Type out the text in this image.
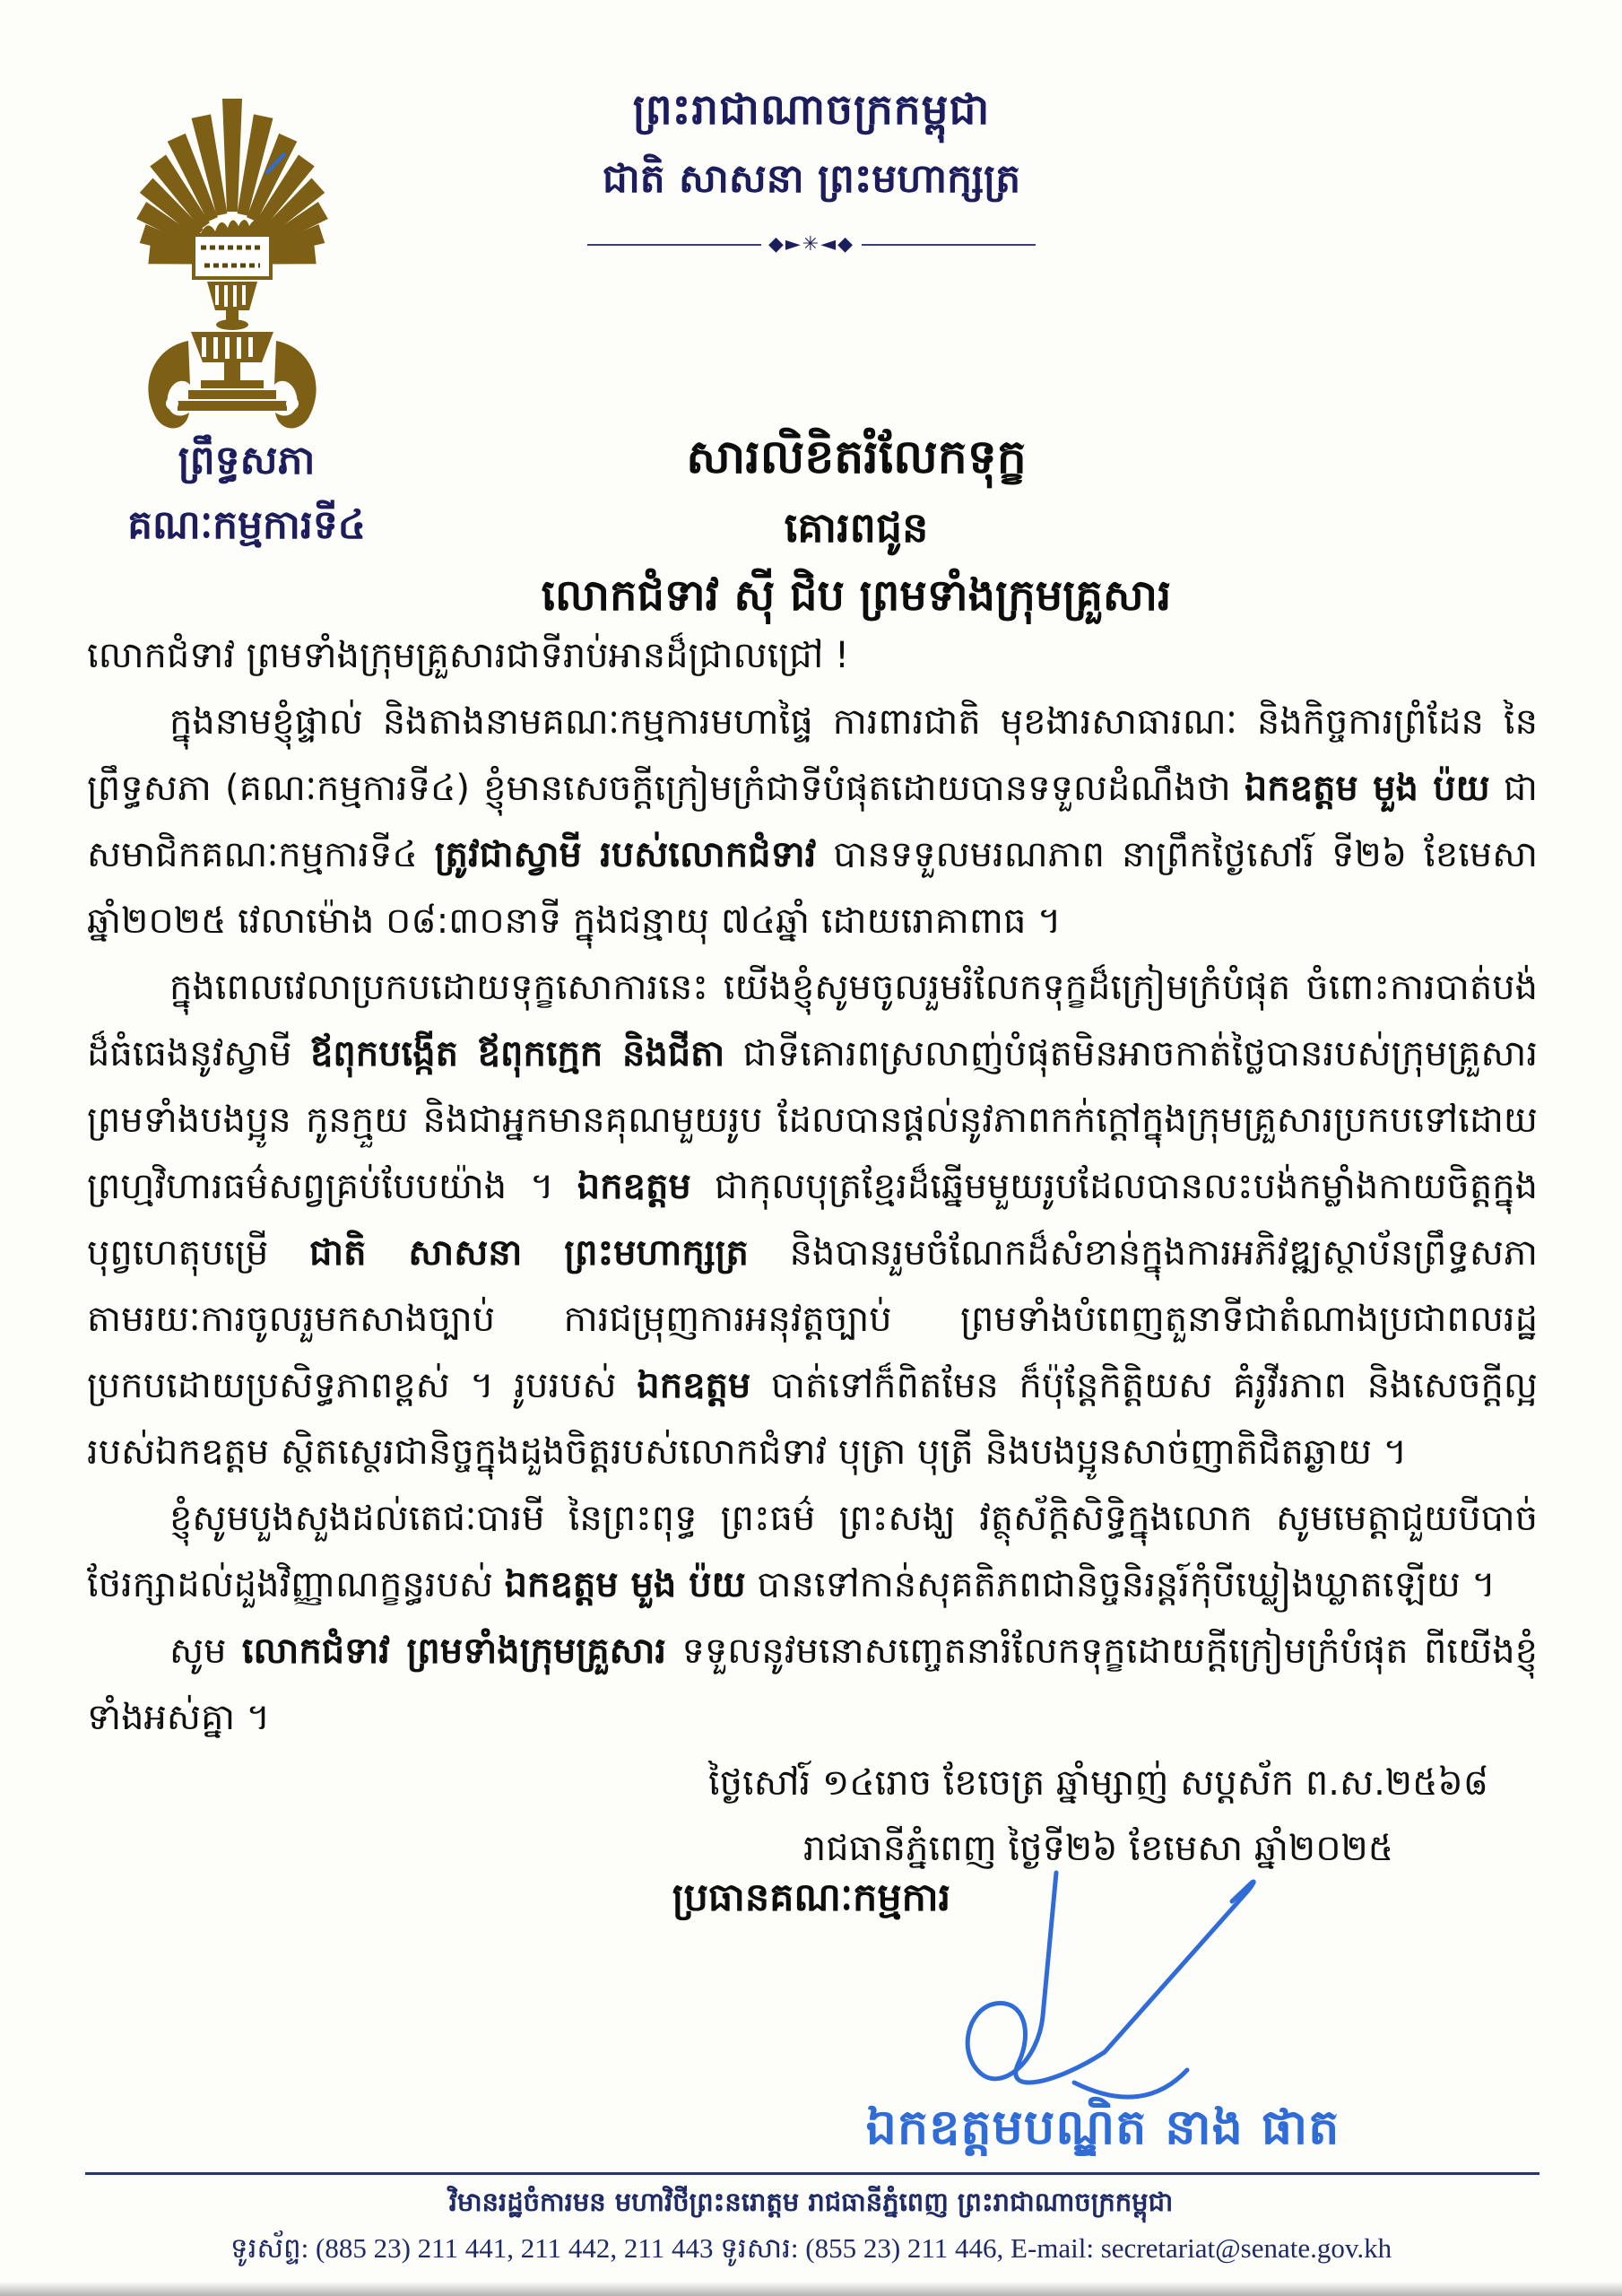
ព្រះរាជាណាចក្រកម្ពុជា
ជាតិ សាសនា ព្រះមហាក្សត្រ
◆►✳◄◆
ព្រឹទ្ធសភា
គណៈកម្មការទី៤
សារលិខិតរំលែកទុក្ខ
គោរពជូន
លោកជំទាវ ស៊ី ជិប ព្រមទាំងក្រុមគ្រួសារ

លោកជំទាវ ព្រមទាំងក្រុមគ្រួសារជាទីរាប់អានដ៏ជ្រាលជ្រៅ !

ក្នុងនាមខ្ញុំផ្ទាល់ និងតាងនាមគណៈកម្មការមហាផ្ទៃ ការពារជាតិ មុខងារសាធារណៈ និងកិច្ចការព្រំដែន នៃព្រឹទ្ធសភា (គណៈកម្មការទី៤) ខ្ញុំមានសេចក្តីក្រៀមក្រំជាទីបំផុតដោយបានទទួលដំណឹងថា ឯកឧត្តម មួង ប៉យ ជាសមាជិកគណៈកម្មការទី៤ ត្រូវជាស្វាមី របស់លោកជំទាវ បានទទួលមរណភាព នាព្រឹកថ្ងៃសៅរ៍ ទី២៦ ខែមេសា ឆ្នាំ២០២៥ វេលាម៉ោង ០៨:៣០នាទី ក្នុងជន្មាយុ ៧៤ឆ្នាំ ដោយរោគាពាធ ។

ក្នុងពេលវេលាប្រកបដោយទុក្ខសោការនេះ យើងខ្ញុំសូមចូលរួមរំលែកទុក្ខដ៏ក្រៀមក្រំបំផុត ចំពោះការបាត់បង់ដ៏ធំធេងនូវស្វាមី ឪពុកបង្កើត ឪពុកក្មេក និងជីតា ជាទីគោរពស្រលាញ់បំផុតមិនអាចកាត់ថ្លៃបានរបស់ក្រុមគ្រួសារ ព្រមទាំងបងប្អូន កូនក្មួយ និងជាអ្នកមានគុណមួយរូប ដែលបានផ្តល់នូវភាពកក់ក្តៅក្នុងក្រុមគ្រួសារប្រកបទៅដោយព្រហ្មវិហារធម៌សព្វគ្រប់បែបយ៉ាង ។ ឯកឧត្តម ជាកុលបុត្រខ្មែរដ៏ឆ្នើមមួយរូបដែលបានលះបង់កម្លាំងកាយចិត្តក្នុងបុព្វហេតុបម្រើ ជាតិ សាសនា ព្រះមហាក្សត្រ និងបានរួមចំណែកដ៏សំខាន់ក្នុងការអភិវឌ្ឍស្ថាប័នព្រឹទ្ធសភា តាមរយៈការចូលរួមកសាងច្បាប់ ការជម្រុញការអនុវត្តច្បាប់ ព្រមទាំងបំពេញតួនាទីជាតំណាងប្រជាពលរដ្ឋប្រកបដោយប្រសិទ្ធភាពខ្ពស់ ។ រូបរបស់ ឯកឧត្តម បាត់ទៅក៏ពិតមែន ក៏ប៉ុន្តែកិត្តិយស គំរូវីរភាព និងសេចក្តីល្អរបស់ឯកឧត្តម ស្ថិតស្ថេរជានិច្ចក្នុងដួងចិត្តរបស់លោកជំទាវ បុត្រា បុត្រី និងបងប្អូនសាច់ញាតិជិតឆ្ងាយ ។

ខ្ញុំសូមបួងសួងដល់តេជៈបារមី នៃព្រះពុទ្ធ ព្រះធម៌ ព្រះសង្ឃ វត្ថុស័ក្តិសិទ្ធិក្នុងលោក សូមមេត្តាជួយបីបាច់ថែរក្សាដល់ដួងវិញ្ញាណក្ខន្ធរបស់ ឯកឧត្តម មួង ប៉យ បានទៅកាន់សុគតិភពជានិច្ចនិរន្តរ៍កុំបីឃ្លៀងឃ្លាតឡើយ ។

សូម លោកជំទាវ ព្រមទាំងក្រុមគ្រួសារ ទទួលនូវមនោសញ្ចេតនារំលែកទុក្ខដោយក្តីក្រៀមក្រំបំផុត ពីយើងខ្ញុំទាំងអស់គ្នា ។

ថ្ងៃសៅរ៍ ១៤រោច ខែចេត្រ ឆ្នាំម្សាញ់ សប្តស័ក ព.ស.២៥៦៨
រាជធានីភ្នំពេញ ថ្ងៃទី២៦ ខែមេសា ឆ្នាំ២០២៥
ប្រធានគណៈកម្មការ
ឯកឧត្តមបណ្ឌិត នាង ផាត
វិមានរដ្ឋចំការមន មហាវិថីព្រះនរោត្តម រាជធានីភ្នំពេញ ព្រះរាជាណាចក្រកម្ពុជា
ទូរស័ព្ទ: (885 23) 211 441, 211 442, 211 443 ទូរសារ: (855 23) 211 446, E-mail: secretariat@senate.gov.kh
